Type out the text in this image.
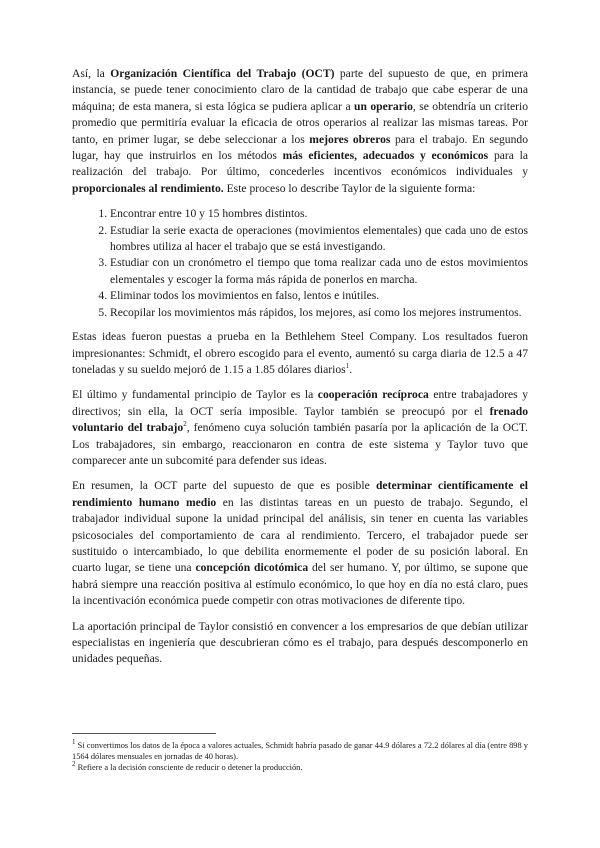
Así, la Organización Científica del Trabajo (OCT) parte del supuesto de que, en primera instancia, se puede tener conocimiento claro de la cantidad de trabajo que cabe esperar de una máquina; de esta manera, si esta lógica se pudiera aplicar a un operario, se obtendría un criterio promedio que permitiría evaluar la eficacia de otros operarios al realizar las mismas tareas. Por tanto, en primer lugar, se debe seleccionar a los mejores obreros para el trabajo. En segundo lugar, hay que instruirlos en los métodos más eficientes, adecuados y económicos para la realización del trabajo. Por último, concederles incentivos económicos individuales y proporcionales al rendimiento. Este proceso lo describe Taylor de la siguiente forma:

1. Encontrar entre 10 y 15 hombres distintos.
2. Estudiar la serie exacta de operaciones (movimientos elementales) que cada uno de estos hombres utiliza al hacer el trabajo que se está investigando.
3. Estudiar con un cronómetro el tiempo que toma realizar cada uno de estos movimientos elementales y escoger la forma más rápida de ponerlos en marcha.
4. Eliminar todos los movimientos en falso, lentos e inútiles.
5. Recopilar los movimientos más rápidos, los mejores, así como los mejores instrumentos.

Estas ideas fueron puestas a prueba en la Bethlehem Steel Company. Los resultados fueron impresionantes: Schmidt, el obrero escogido para el evento, aumentó su carga diaria de 12.5 a 47 toneladas y su sueldo mejoró de 1.15 a 1.85 dólares diarios$^1$.

El último y fundamental principio de Taylor es la cooperación recíproca entre trabajadores y directivos; sin ella, la OCT sería imposible. Taylor también se preocupó por el frenado voluntario del trabajo$^2$, fenómeno cuya solución también pasaría por la aplicación de la OCT. Los trabajadores, sin embargo, reaccionaron en contra de este sistema y Taylor tuvo que comparecer ante un subcomité para defender sus ideas.

En resumen, la OCT parte del supuesto de que es posible determinar científicamente el rendimiento humano medio en las distintas tareas en un puesto de trabajo. Segundo, el trabajador individual supone la unidad principal del análisis, sin tener en cuenta las variables psicosociales del comportamiento de cara al rendimiento. Tercero, el trabajador puede ser sustituido o intercambiado, lo que debilita enormemente el poder de su posición laboral. En cuarto lugar, se tiene una concepción dicotómica del ser humano. Y, por último, se supone que habrá siempre una reacción positiva al estímulo económico, lo que hoy en día no está claro, pues la incentivación económica puede competir con otras motivaciones de diferente tipo.

La aportación principal de Taylor consistió en convencer a los empresarios de que debían utilizar especialistas en ingeniería que descubrieran cómo es el trabajo, para después descomponerlo en unidades pequeñas.

$^1$ Si convertimos los datos de la época a valores actuales, Schmidt habría pasado de ganar 44.9 dólares a 72.2 dólares al día (entre 898 y 1564 dólares mensuales en jornadas de 40 horas).

$^2$ Refiere a la decisión consciente de reducir o detener la producción.
